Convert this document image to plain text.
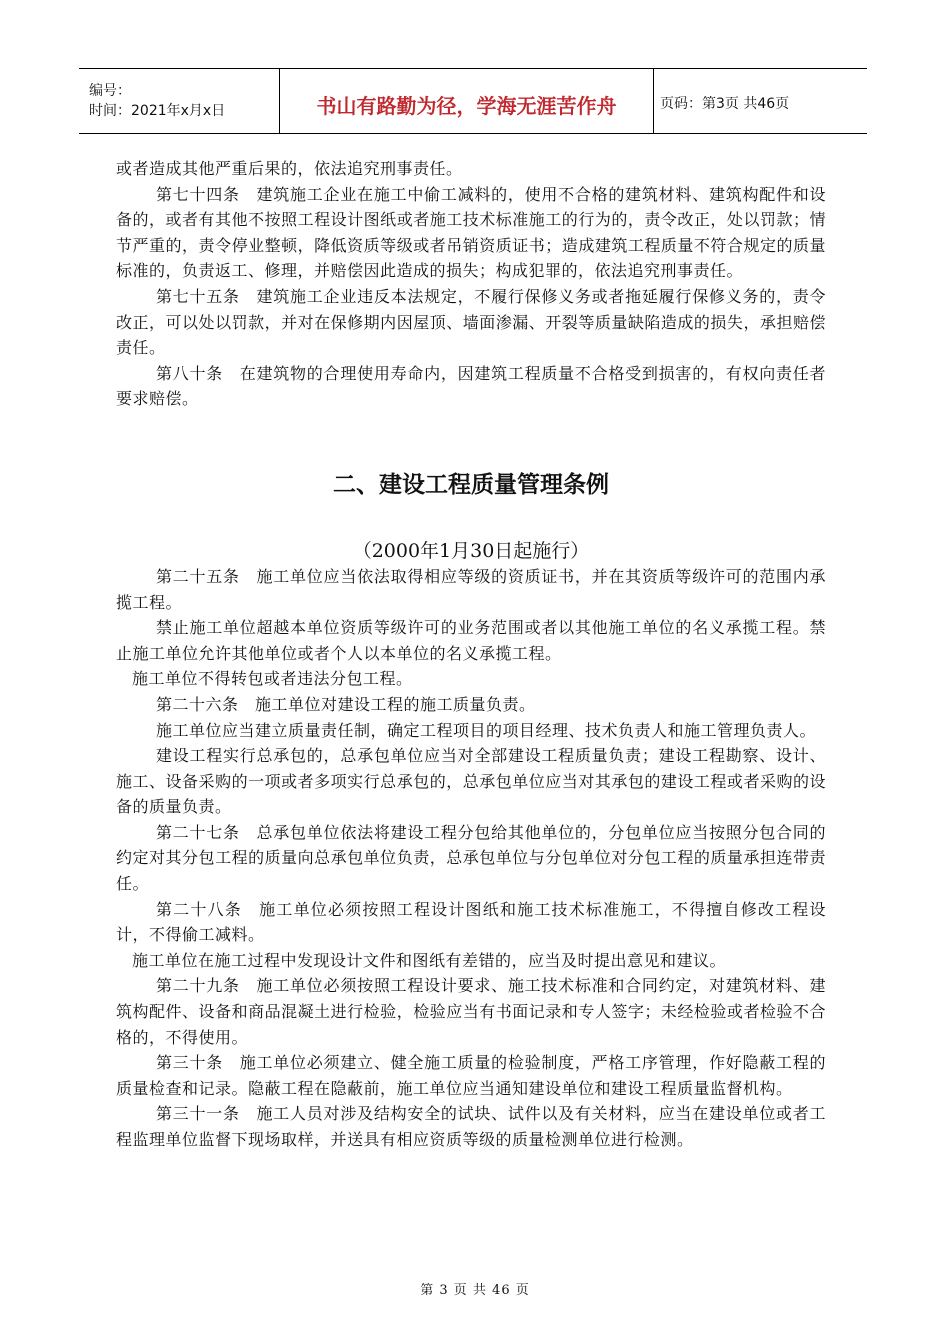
编号：
时间：2021年x月x日	书山有路勤为径，学海无涯苦作舟	页码：第3页 共46页

或者造成其他严重后果的，依法追究刑事责任。

第七十四条　建筑施工企业在施工中偷工减料的，使用不合格的建筑材料、建筑构配件和设备的，或者有其他不按照工程设计图纸或者施工技术标准施工的行为的，责令改正，处以罚款；情节严重的，责令停业整顿，降低资质等级或者吊销资质证书；造成建筑工程质量不符合规定的质量标准的，负责返工、修理，并赔偿因此造成的损失；构成犯罪的，依法追究刑事责任。

第七十五条　建筑施工企业违反本法规定，不履行保修义务或者拖延履行保修义务的，责令改正，可以处以罚款，并对在保修期内因屋顶、墙面渗漏、开裂等质量缺陷造成的损失，承担赔偿责任。

第八十条　在建筑物的合理使用寿命内，因建筑工程质量不合格受到损害的，有权向责任者要求赔偿。

二、建设工程质量管理条例
（2000年1月30日起施行）

第二十五条　施工单位应当依法取得相应等级的资质证书，并在其资质等级许可的范围内承揽工程。

禁止施工单位超越本单位资质等级许可的业务范围或者以其他施工单位的名义承揽工程。禁止施工单位允许其他单位或者个人以本单位的名义承揽工程。

施工单位不得转包或者违法分包工程。

第二十六条　施工单位对建设工程的施工质量负责。

施工单位应当建立质量责任制，确定工程项目的项目经理、技术负责人和施工管理负责人。

建设工程实行总承包的，总承包单位应当对全部建设工程质量负责；建设工程勘察、设计、施工、设备采购的一项或者多项实行总承包的，总承包单位应当对其承包的建设工程或者采购的设备的质量负责。

第二十七条　总承包单位依法将建设工程分包给其他单位的，分包单位应当按照分包合同的约定对其分包工程的质量向总承包单位负责，总承包单位与分包单位对分包工程的质量承担连带责任。

第二十八条　施工单位必须按照工程设计图纸和施工技术标准施工，不得擅自修改工程设计，不得偷工减料。

施工单位在施工过程中发现设计文件和图纸有差错的，应当及时提出意见和建议。

第二十九条　施工单位必须按照工程设计要求、施工技术标准和合同约定，对建筑材料、建筑构配件、设备和商品混凝土进行检验，检验应当有书面记录和专人签字；未经检验或者检验不合格的，不得使用。

第三十条　施工单位必须建立、健全施工质量的检验制度，严格工序管理，作好隐蔽工程的质量检查和记录。隐蔽工程在隐蔽前，施工单位应当通知建设单位和建设工程质量监督机构。

第三十一条　施工人员对涉及结构安全的试块、试件以及有关材料，应当在建设单位或者工程监理单位监督下现场取样，并送具有相应资质等级的质量检测单位进行检测。

第 3 页 共 46 页
